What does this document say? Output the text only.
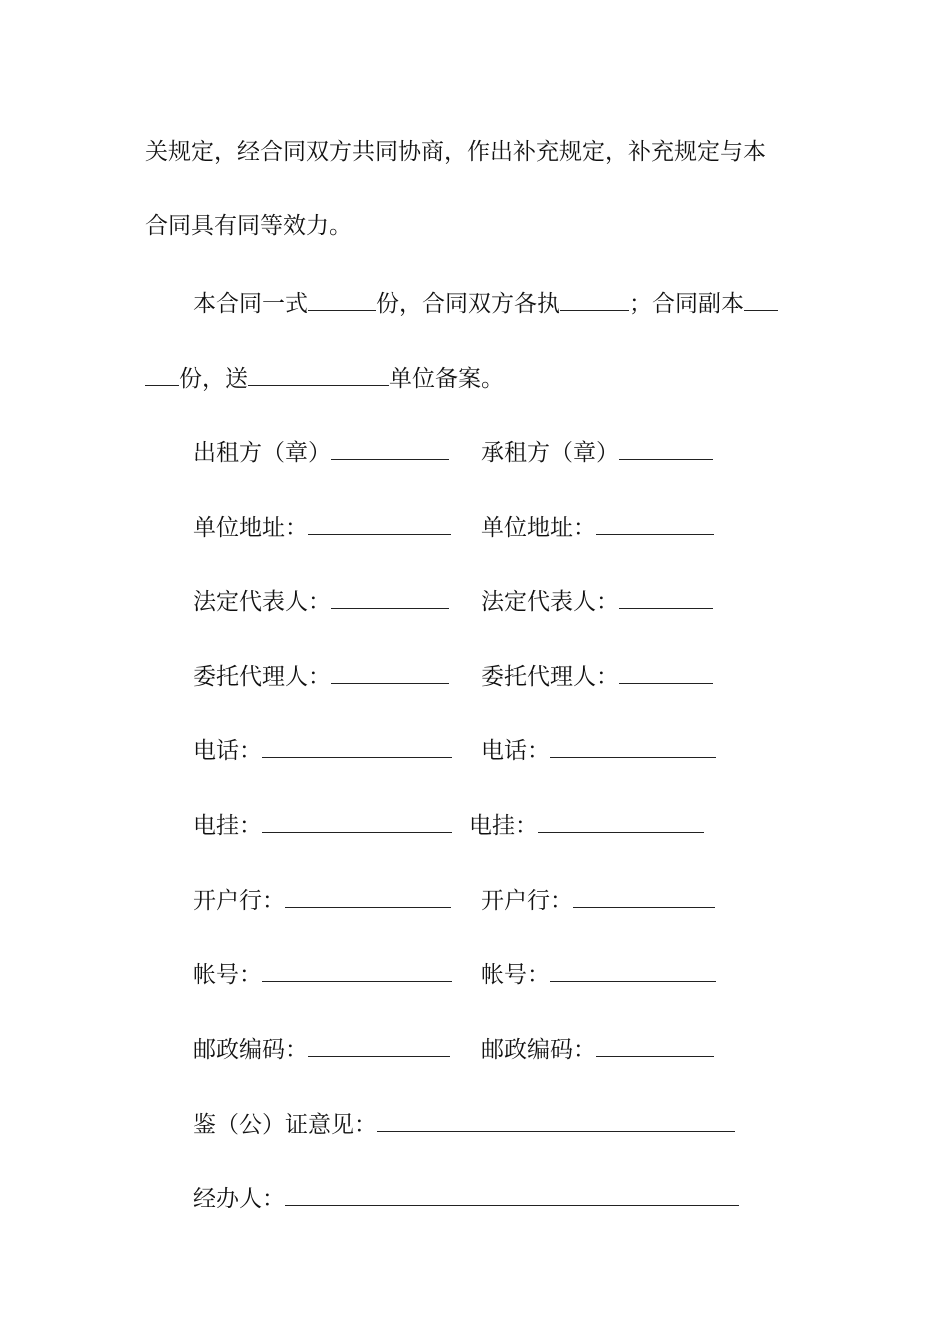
关规定，经合同双方共同协商，作出补充规定，补充规定与本
合同具有同等效力。
本合同一式	份，合同双方各执	；合同副本
份，送	单位备案。
出租方（章）	承租方（章）
单位地址：	单位地址：
法定代表人：	法定代表人：
委托代理人：	委托代理人：
电话：	电话：
电挂：	电挂：
开户行：	开户行：
帐号：	帐号：
邮政编码：	邮政编码：
鉴（公）证意见：
经办人：
